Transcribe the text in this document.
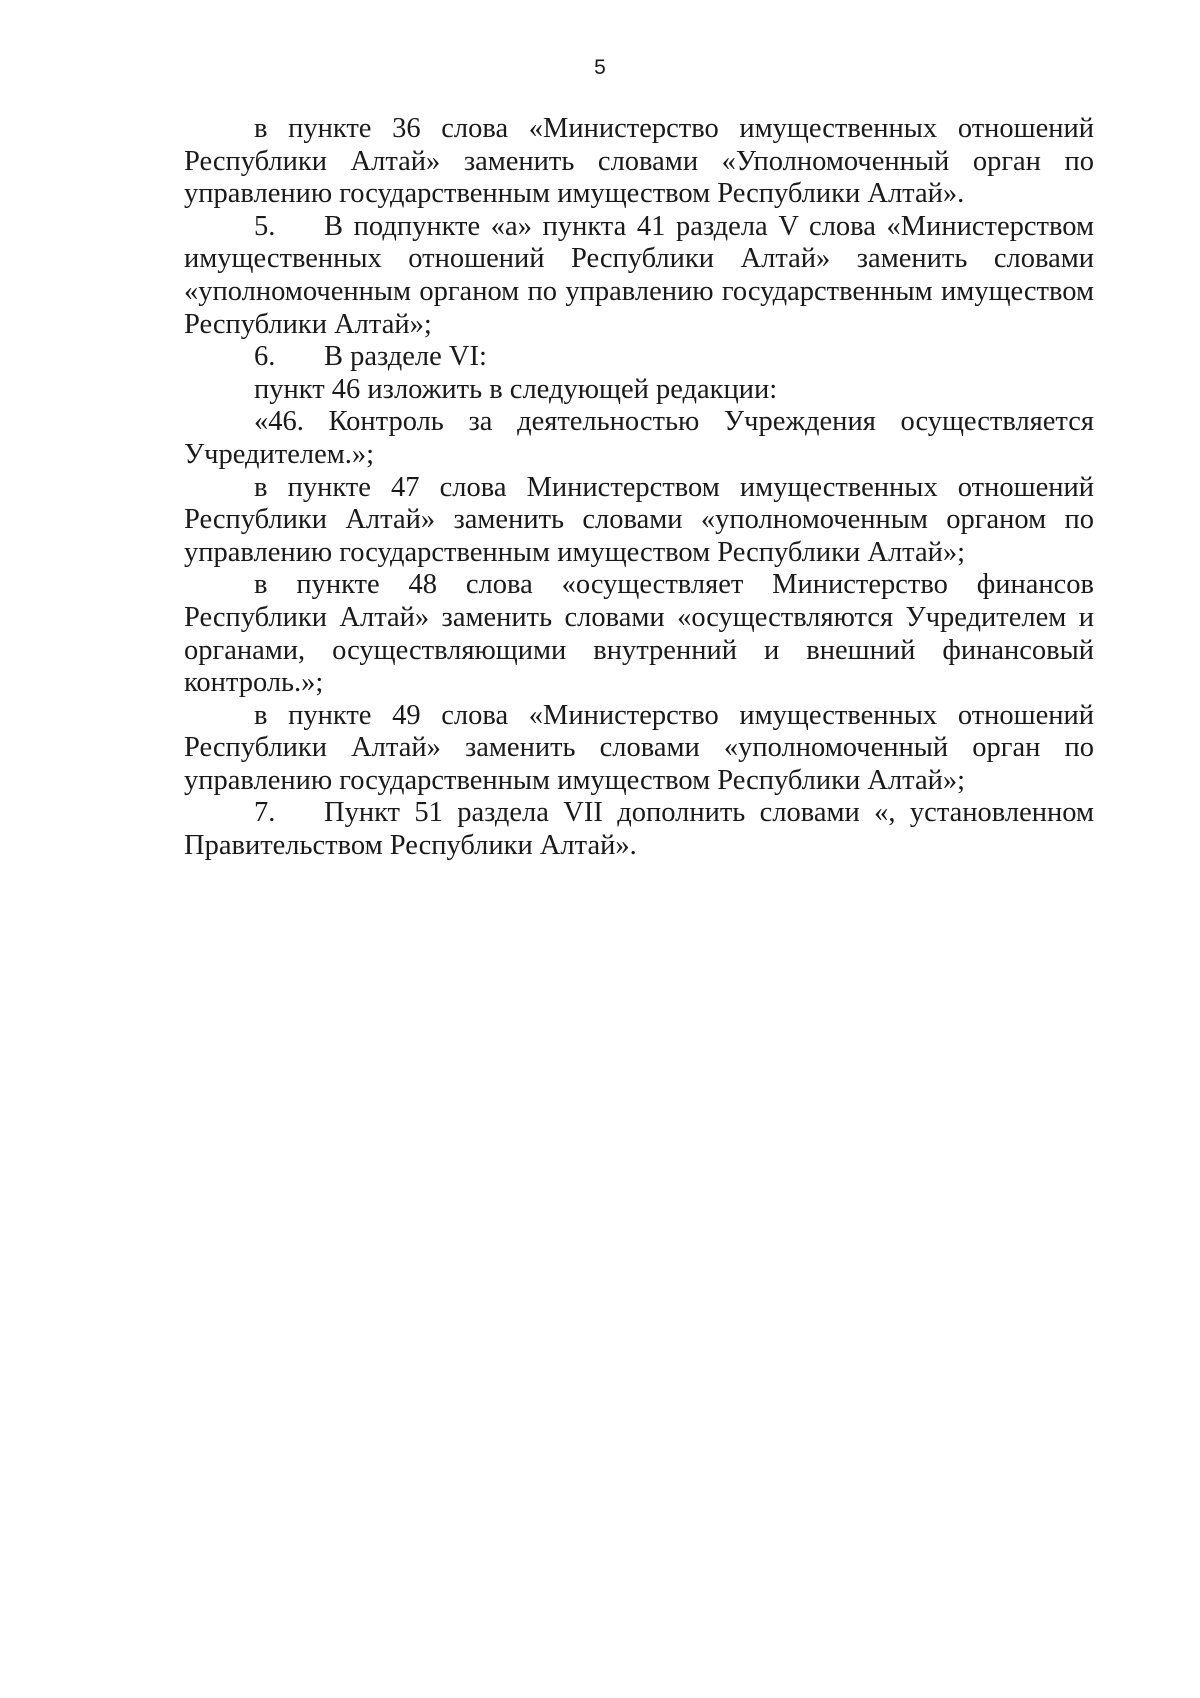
5

в пункте 36 слова «Министерство имущественных отношений Республики Алтай» заменить словами «Уполномоченный орган по управлению государственным имуществом Республики Алтай».

5. В подпункте «а» пункта 41 раздела V слова «Министерством имущественных отношений Республики Алтай» заменить словами «уполномоченным органом по управлению государственным имуществом Республики Алтай»;

6. В разделе VI:

пункт 46 изложить в следующей редакции:

«46. Контроль за деятельностью Учреждения осуществляется Учредителем.»;

в пункте 47 слова Министерством имущественных отношений Республики Алтай» заменить словами «уполномоченным органом по управлению государственным имуществом Республики Алтай»;

в пункте 48 слова «осуществляет Министерство финансов Республики Алтай» заменить словами «осуществляются Учредителем и органами, осуществляющими внутренний и внешний финансовый контроль.»;

в пункте 49 слова «Министерство имущественных отношений Республики Алтай» заменить словами «уполномоченный орган по управлению государственным имуществом Республики Алтай»;

7. Пункт 51 раздела VII дополнить словами «, установленном Правительством Республики Алтай».
